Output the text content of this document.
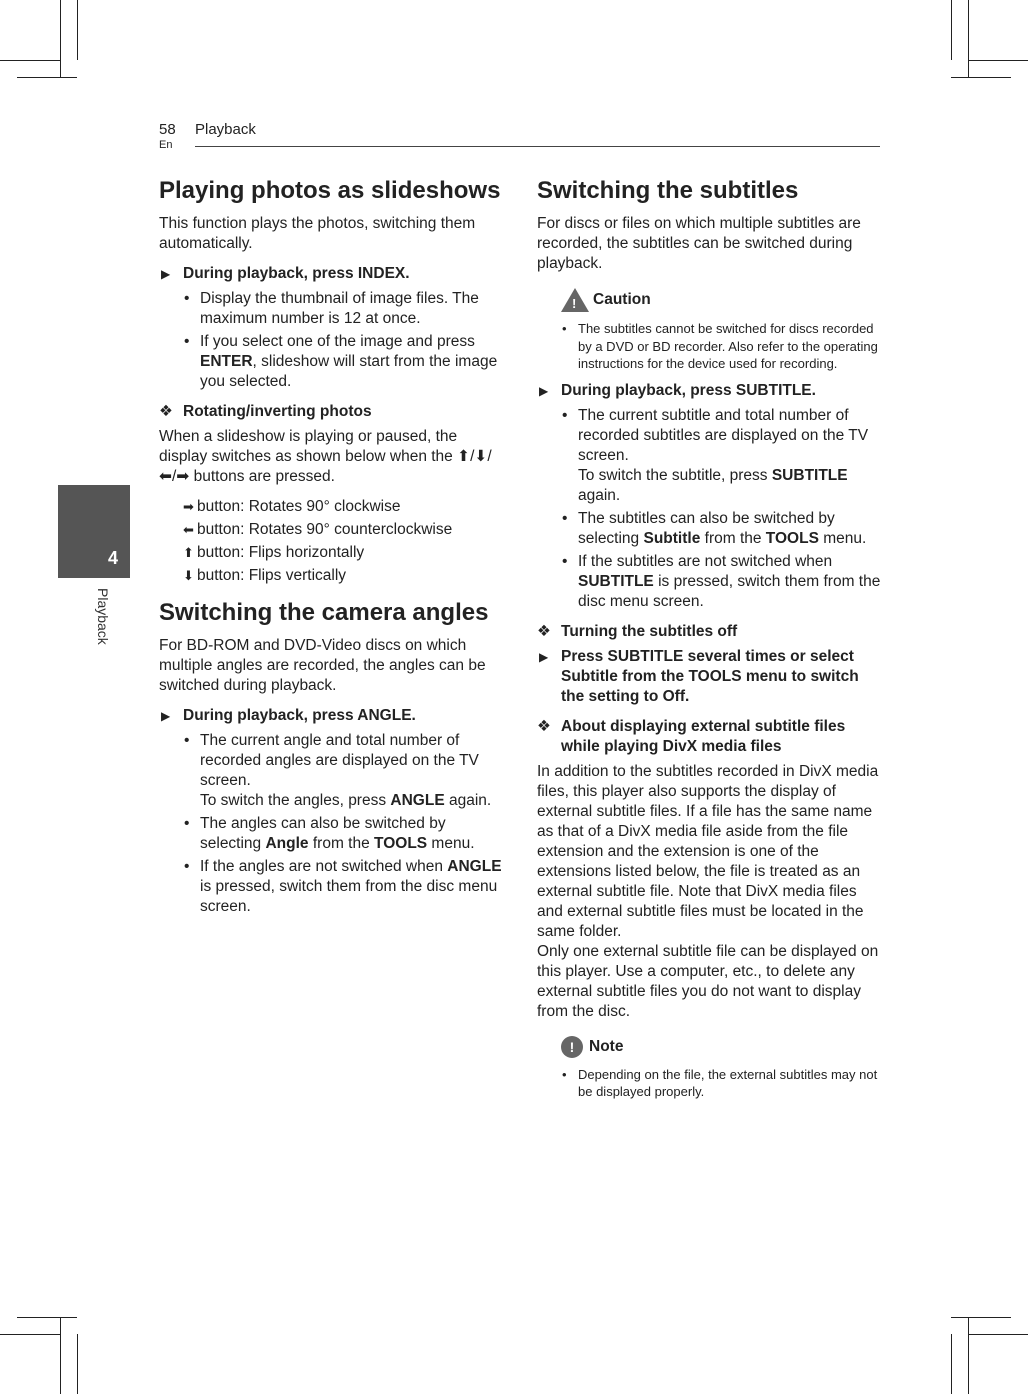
58
En
Playback
4
Playback
Playing photos as slideshows

This function plays the photos, switching them automatically.

▶ During playback, press INDEX.
• Display the thumbnail of image files. The maximum number is 12 at once.
• If you select one of the image and press ENTER, slideshow will start from the image you selected.
❖ Rotating/inverting photos

When a slideshow is playing or paused, the display switches as shown below when the ⬆/⬇/⬅/➡ buttons are pressed.

➡ button: Rotates 90° clockwise
⬅ button: Rotates 90° counterclockwise
⬆ button: Flips horizontally
⬇ button: Flips vertically
Switching the camera angles

For BD-ROM and DVD-Video discs on which multiple angles are recorded, the angles can be switched during playback.

▶ During playback, press ANGLE.
• The current angle and total number of recorded angles are displayed on the TV screen.
To switch the angles, press ANGLE again.
• The angles can also be switched by selecting Angle from the TOOLS menu.
• If the angles are not switched when ANGLE is pressed, switch them from the disc menu screen.
Switching the subtitles

For discs or files on which multiple subtitles are recorded, the subtitles can be switched during playback.

! Caution
• The subtitles cannot be switched for discs recorded by a DVD or BD recorder. Also refer to the operating instructions for the device used for recording.
▶ During playback, press SUBTITLE.
• The current subtitle and total number of recorded subtitles are displayed on the TV screen.
To switch the subtitle, press SUBTITLE again.
• The subtitles can also be switched by selecting Subtitle from the TOOLS menu.
• If the subtitles are not switched when SUBTITLE is pressed, switch them from the disc menu screen.
❖ Turning the subtitles off
▶ Press SUBTITLE several times or select Subtitle from the TOOLS menu to switch the setting to Off.
❖ About displaying external subtitle files while playing DivX media files

In addition to the subtitles recorded in DivX media files, this player also supports the display of external subtitle files. If a file has the same name as that of a DivX media file aside from the file extension and the extension is one of the extensions listed below, the file is treated as an external subtitle file. Note that DivX media files and external subtitle files must be located in the same folder.

Only one external subtitle file can be displayed on this player. Use a computer, etc., to delete any external subtitle files you do not want to display from the disc.

! Note
• Depending on the file, the external subtitles may not be displayed properly.
